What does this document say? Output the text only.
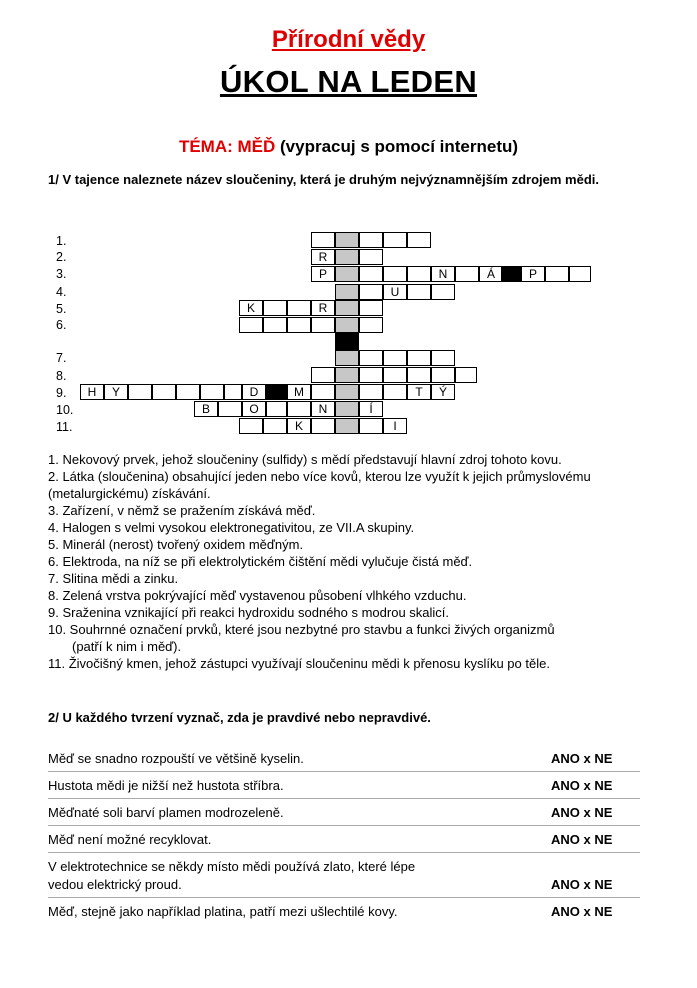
Přírodní vědy
ÚKOL NA LEDEN
TÉMA: MĚĎ (vypracuj s pomocí internetu)
1/ V tajence naleznete název sloučeniny, která je druhým nejvýznamnějším zdrojem mědi.
1.
2.
3.
4.
5.
6.
7.
8.
9.
10.
11.
R
P	N	Á	P
U
K	R
H	Y	D	M	T	Ý
B	O	N	Í
K	I
1. Nekovový prvek, jehož sloučeniny (sulfidy) s mědí představují hlavní zdroj tohoto kovu.
2. Látka (sloučenina) obsahující jeden nebo více kovů, kterou lze využít k jejich průmyslovému
(metalurgickému) získávání.
3. Zařízení, v němž se pražením získává měď.
4. Halogen s velmi vysokou elektronegativitou, ze VII.A skupiny.
5. Minerál (nerost) tvořený oxidem měďným.
6. Elektroda, na níž se při elektrolytickém čištění mědi vylučuje čistá měď.
7. Slitina mědi a zinku.
8. Zelená vrstva pokrývající měď vystavenou působení vlhkého vzduchu.
9. Sraženina vznikající při reakci hydroxidu sodného s modrou skalicí.
10. Souhrnné označení prvků, které jsou nezbytné pro stavbu a funkci živých organizmů
(patří k nim i měď).
11. Živočišný kmen, jehož zástupci využívají sloučeninu mědi k přenosu kyslíku po těle.
2/ U každého tvrzení vyznač, zda je pravdivé nebo nepravdivé.
Měď se snadno rozpouští ve většině kyselin.	ANO x NE
Hustota mědi je nižší než hustota stříbra.	ANO x NE
Měďnaté soli barví plamen modrozeleně.	ANO x NE
Měď není možné recyklovat.	ANO x NE
V elektrotechnice se někdy místo mědi používá zlato, které lépe
vedou elektrický proud.	ANO x NE
Měď, stejně jako například platina, patří mezi ušlechtilé kovy.	ANO x NE
